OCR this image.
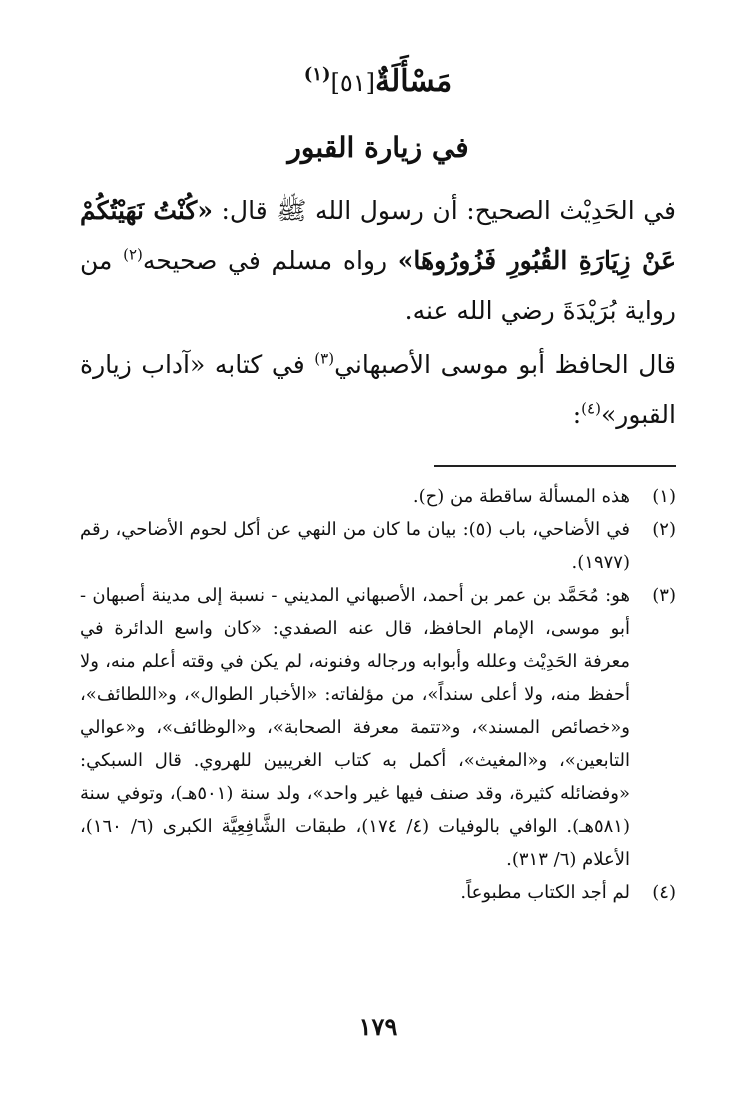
مَسْأَلَةٌ[٥١]$^{(١)}$
في زيارة القبور
في الحَدِيْث الصحيح: أن رسول الله ﷺ قال: «كُنْتُ نَهَيْتُكُمْ عَنْ زِيَارَةِ القُبُورِ فَزُورُوهَا» رواه مسلم في صحيحه$^{(٢)}$ من رواية بُرَيْدَةَ رضي الله عنه.
قال الحافظ أبو موسى الأصبهاني$^{(٣)}$ في كتابه «آداب زيارة القبور»$^{(٤)}$:
(١)
هذه المسألة ساقطة من (ح).
(٢)
في الأضاحي، باب (٥): بيان ما كان من النهي عن أكل لحوم الأضاحي، رقم (١٩٧٧).
(٣)
هو: مُحَمَّد بن عمر بن أحمد، الأصبهاني المديني - نسبة إلى مدينة أصبهان - أبو موسى، الإمام الحافظ، قال عنه الصفدي: «كان واسع الدائرة في معرفة الحَدِيْث وعلله وأبوابه ورجاله وفنونه، لم يكن في وقته أعلم منه، ولا أحفظ منه، ولا أعلى سنداً»، من مؤلفاته: «الأخبار الطوال»، و«اللطائف»، و«خصائص المسند»، و«تتمة معرفة الصحابة»، و«الوظائف»، و«عوالي التابعين»، و«المغيث»، أكمل به كتاب الغريبين للهروي. قال السبكي: «وفضائله كثيرة، وقد صنف فيها غير واحد»، ولد سنة (٥٠١هـ)، وتوفي سنة (٥٨١هـ). الوافي بالوفيات (٤/ ١٧٤)، طبقات الشَّافِعِيَّة الكبرى (٦/ ١٦٠)، الأعلام (٦/ ٣١٣).
(٤)
لم أجد الكتاب مطبوعاً.
١٧٩
